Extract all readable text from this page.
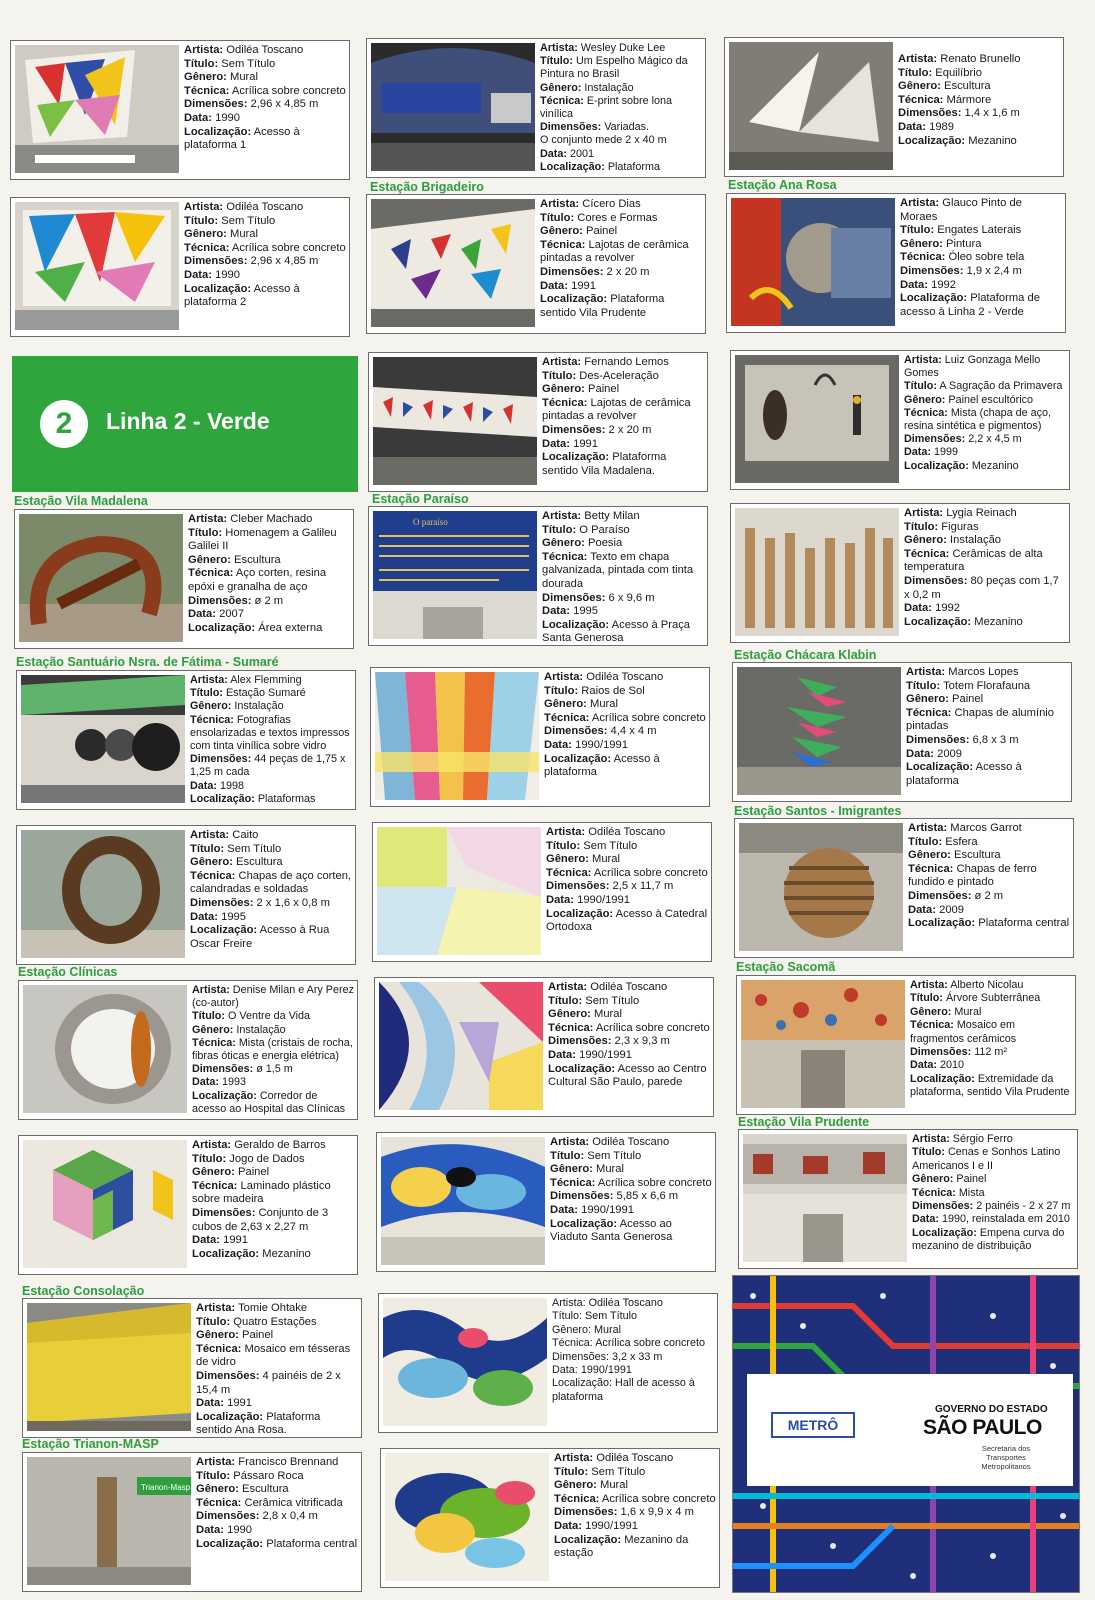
Artista: Odiléa Toscano
Título: Sem Título
Gênero: Mural
Técnica: Acrílica sobre concreto
Dimensões: 2,96 x 4,85 m
Data: 1990
Localização: Acesso à plataforma 1
Artista: Odiléa Toscano
Título: Sem Título
Gênero: Mural
Técnica: Acrílica sobre concreto
Dimensões: 2,96 x 4,85 m
Data: 1990
Localização: Acesso à plataforma 2
2	Linha 2 - Verde
Estação Vila Madalena
Artista: Cleber Machado
Título: Homenagem a Galileu Galilei II
Gênero: Escultura
Técnica: Aço corten, resina epóxi e granalha de aço
Dimensões: ø 2 m
Data: 2007
Localização: Área externa
Estação Santuário Nsra. de Fátima - Sumaré
Artista: Alex Flemming
Título: Estação Sumaré
Gênero: Instalação
Técnica: Fotografias ensolarizadas e textos impressos com tinta vinílica sobre vidro
Dimensões: 44 peças de 1,75 x 1,25 m cada
Data: 1998
Localização: Plataformas
Artista: Caito
Título: Sem Título
Gênero: Escultura
Técnica: Chapas de aço corten, calandradas e soldadas
Dimensões: 2 x 1,6 x 0,8 m
Data: 1995
Localização: Acesso à Rua Oscar Freire
Estação Clínicas
Artista: Denise Milan e Ary Perez (co-autor)
Título: O Ventre da Vida
Gênero: Instalação
Técnica: Mista (cristais de rocha, fibras óticas e energia elétrica)
Dimensões: ø 1,5 m
Data: 1993
Localização: Corredor de acesso ao Hospital das Clínicas
Artista: Geraldo de Barros
Título: Jogo de Dados
Gênero: Painel
Técnica: Laminado plástico sobre madeira
Dimensões: Conjunto de 3 cubos de 2,63 x 2,27 m
Data: 1991
Localização: Mezanino
Estação Consolação
Artista: Tomie Ohtake
Título: Quatro Estações
Gênero: Painel
Técnica: Mosaico em tésseras de vidro
Dimensões: 4 painéis de 2 x 15,4 m
Data: 1991
Localização: Plataforma sentido Ana Rosa.
Estação Trianon-MASP
Trianon-Masp
Artista: Francisco Brennand
Título: Pássaro Roca
Gênero: Escultura
Técnica: Cerâmica vitrificada
Dimensões: 2,8 x 0,4 m
Data: 1990
Localização: Plataforma central
Artista: Wesley Duke Lee
Título: Um Espelho Mágico da Pintura no Brasil
Gênero: Instalação
Técnica: E-print sobre lona vinílica
Dimensões: Variadas.
O conjunto mede 2 x 40 m
Data: 2001
Localização: Plataforma
Estação Brigadeiro
Artista: Cícero Dias
Título: Cores e Formas
Gênero: Painel
Técnica: Lajotas de cerâmica pintadas a revolver
Dimensões: 2 x 20 m
Data: 1991
Localização: Plataforma sentido Vila Prudente
Artista: Fernando Lemos
Título: Des-Aceleração
Gênero: Painel
Técnica: Lajotas de cerâmica pintadas a revolver
Dimensões: 2 x 20 m
Data: 1991
Localização: Plataforma sentido Vila Madalena.
Estação Paraíso
O paraíso	Artista: Betty Milan
Título: O Paraíso
Gênero: Poesia
Técnica: Texto em chapa galvanizada, pintada com tinta dourada
Dimensões: 6 x 9,6 m
Data: 1995
Localização: Acesso à Praça Santa Generosa
Artista: Odiléa Toscano
Título: Raios de Sol
Gênero: Mural
Técnica: Acrílica sobre concreto
Dimensões: 4,4 x 4 m
Data: 1990/1991
Localização: Acesso à plataforma
Artista: Odiléa Toscano
Título: Sem Título
Gênero: Mural
Técnica: Acrílica sobre concreto
Dimensões: 2,5 x 11,7 m
Data: 1990/1991
Localização: Acesso à Catedral Ortodoxa
Artista: Odiléa Toscano
Título: Sem Título
Gênero: Mural
Técnica: Acrílica sobre concreto
Dimensões: 2,3 x 9,3 m
Data: 1990/1991
Localização: Acesso ao Centro Cultural São Paulo, parede
Artista: Odiléa Toscano
Título: Sem Título
Gênero: Mural
Técnica: Acrílica sobre concreto
Dimensões: 5,85 x 6,6 m
Data: 1990/1991
Localização: Acesso ao Viaduto Santa Generosa
Artista: Odiléa Toscano
Título: Sem Título
Gênero: Mural
Técnica: Acrílica sobre concreto
Dimensões: 3,2 x 33 m
Data: 1990/1991
Localização: Hall de acesso à plataforma
Artista: Odiléa Toscano
Título: Sem Título
Gênero: Mural
Técnica: Acrílica sobre concreto
Dimensões: 1,6 x 9,9 x 4 m
Data: 1990/1991
Localização: Mezanino da estação
Artista: Renato Brunello
Título: Equilíbrio
Gênero: Escultura
Técnica: Mármore
Dimensões: 1,4 x 1,6 m
Data: 1989
Localização: Mezanino
Estação Ana Rosa
Artista: Glauco Pinto de Moraes
Título: Engates Laterais
Gênero: Pintura
Técnica: Óleo sobre tela
Dimensões: 1,9 x 2,4 m
Data: 1992
Localização: Plataforma de acesso à Linha 2 - Verde
Artista: Luiz Gonzaga Mello Gomes
Título: A Sagração da Primavera
Gênero: Painel escultórico
Técnica: Mista (chapa de aço, resina sintética e pigmentos)
Dimensões: 2,2 x 4,5 m
Data: 1999
Localização: Mezanino
Artista: Lygia Reinach
Título: Figuras
Gênero: Instalação
Técnica: Cerâmicas de alta temperatura
Dimensões: 80 peças com 1,7 x 0,2 m
Data: 1992
Localização: Mezanino
Estação Chácara Klabin
Artista: Marcos Lopes
Título: Totem Florafauna
Gênero: Painel
Técnica: Chapas de alumínio pintadas
Dimensões: 6,8 x 3 m
Data: 2009
Localização: Acesso à plataforma
Estação Santos - Imigrantes
Artista: Marcos Garrot
Título: Esfera
Gênero: Escultura
Técnica: Chapas de ferro fundido e pintado
Dimensões: ø 2 m
Data: 2009
Localização: Plataforma central
Estação Sacomã
Artista: Alberto Nicolau
Título: Árvore Subterrânea
Gênero: Mural
Técnica: Mosaico em fragmentos cerâmicos
Dimensões: 112 m²
Data: 2010
Localização: Extremidade da plataforma, sentido Vila Prudente
Estação Vila Prudente
Artista: Sérgio Ferro
Título: Cenas e Sonhos Latino Americanos I e II
Gênero: Painel
Técnica: Mista
Dimensões: 2 painéis - 2 x 27 m
Data: 1990, reinstalada em 2010
Localização: Empena curva do mezanino de distribuição
METRÔ
GOVERNO DO ESTADO
SÃO PAULO
Secretaria dos Transportes Metropolitanos
